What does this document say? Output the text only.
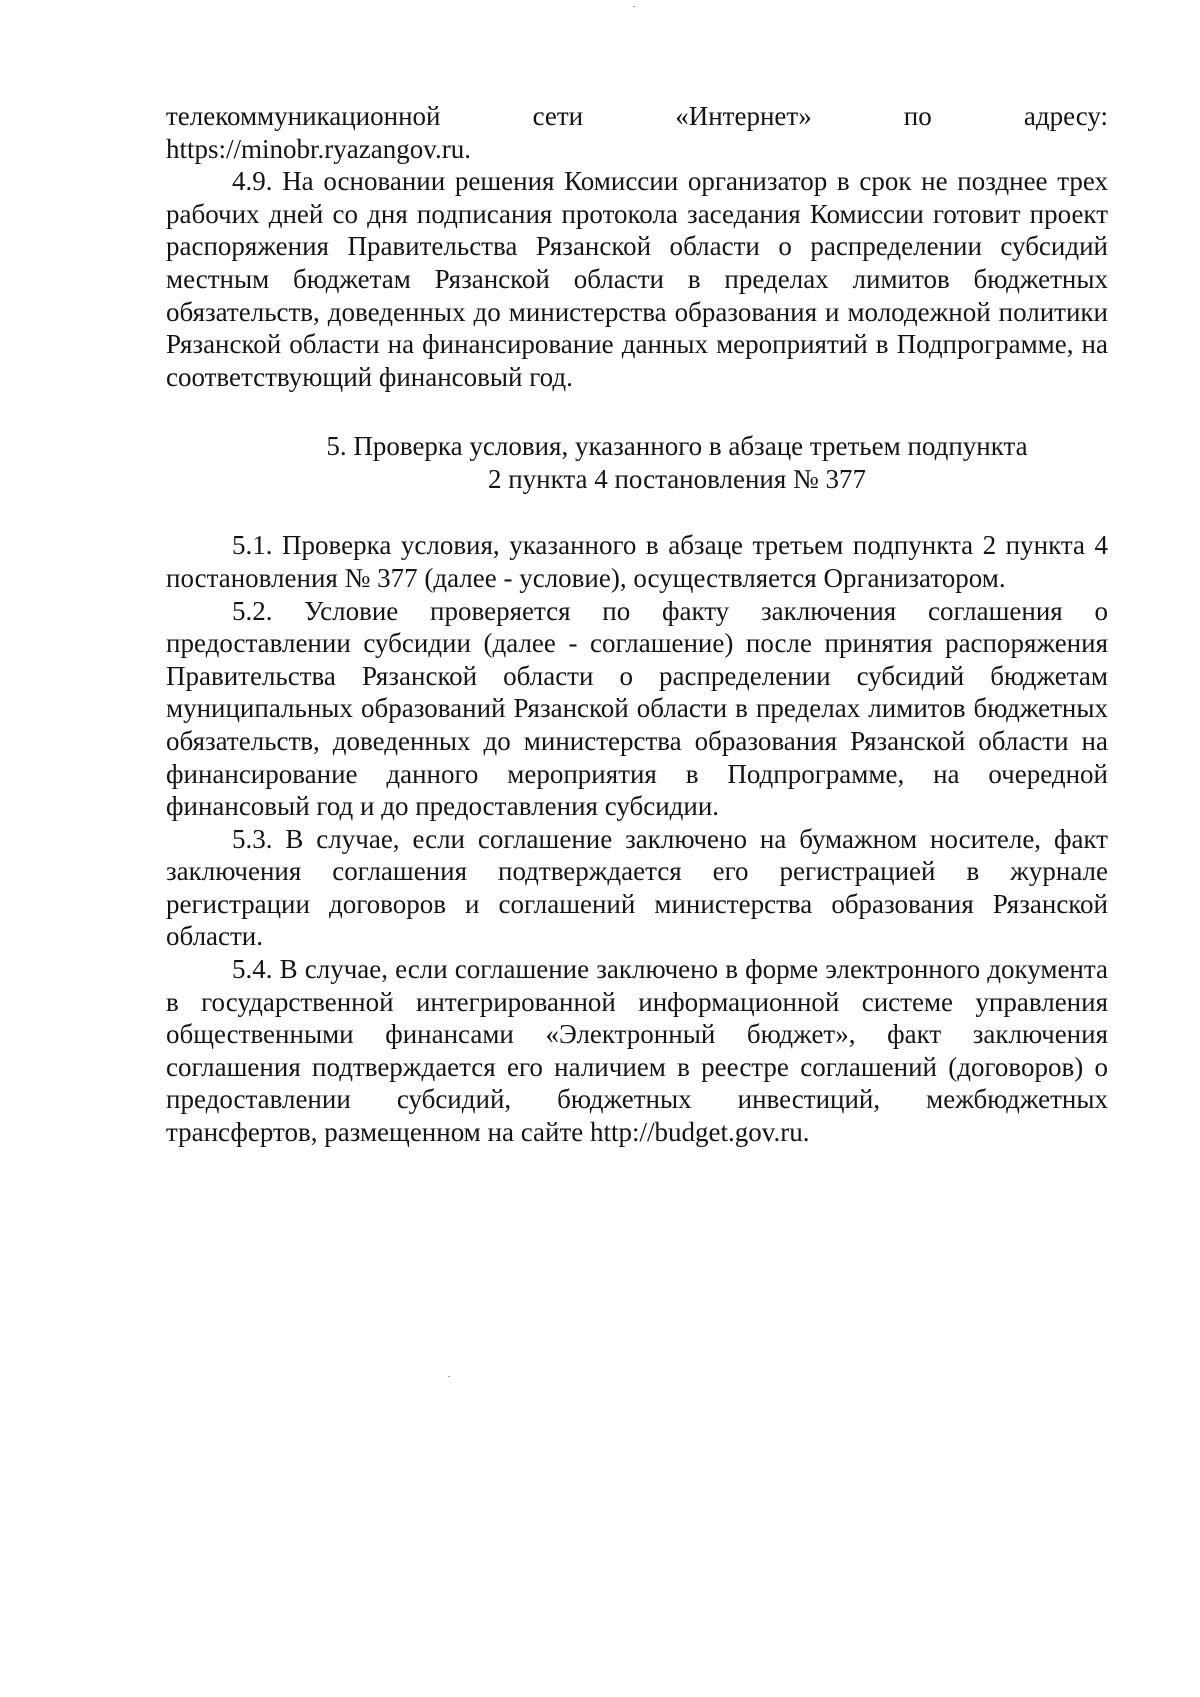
телекоммуникационной сети «Интернет» по адресу:

https://minobr.ryazangov.ru.

4.9. На основании решения Комиссии организатор в срок не позднее трех рабочих дней со дня подписания протокола заседания Комиссии готовит проект распоряжения Правительства Рязанской области о распределении субсидий местным бюджетам Рязанской области в пределах лимитов бюджетных обязательств, доведенных до министерства образования и молодежной политики Рязанской области на финансирование данных мероприятий в Подпрограмме, на соответствующий финансовый год.

5. Проверка условия, указанного в абзаце третьем подпункта
2 пункта 4 постановления № 377

5.1. Проверка условия, указанного в абзаце третьем подпункта 2 пункта 4 постановления № 377 (далее - условие), осуществляется Организатором.

5.2. Условие проверяется по факту заключения соглашения о предоставлении субсидии (далее - соглашение) после принятия распоряжения Правительства Рязанской области о распределении субсидий бюджетам муниципальных образований Рязанской области в пределах лимитов бюджетных обязательств, доведенных до министерства образования Рязанской области на финансирование данного мероприятия в Подпрограмме, на очередной финансовый год и до предоставления субсидии.

5.3. В случае, если соглашение заключено на бумажном носителе, факт заключения соглашения подтверждается его регистрацией в журнале регистрации договоров и соглашений министерства образования Рязанской области.

5.4. В случае, если соглашение заключено в форме электронного документа в государственной интегрированной информационной системе управления общественными финансами «Электронный бюджет», факт заключения соглашения подтверждается его наличием в реестре соглашений (договоров) о предоставлении субсидий, бюджетных инвестиций, межбюджетных трансфертов, размещенном на сайте http://budget.gov.ru.
